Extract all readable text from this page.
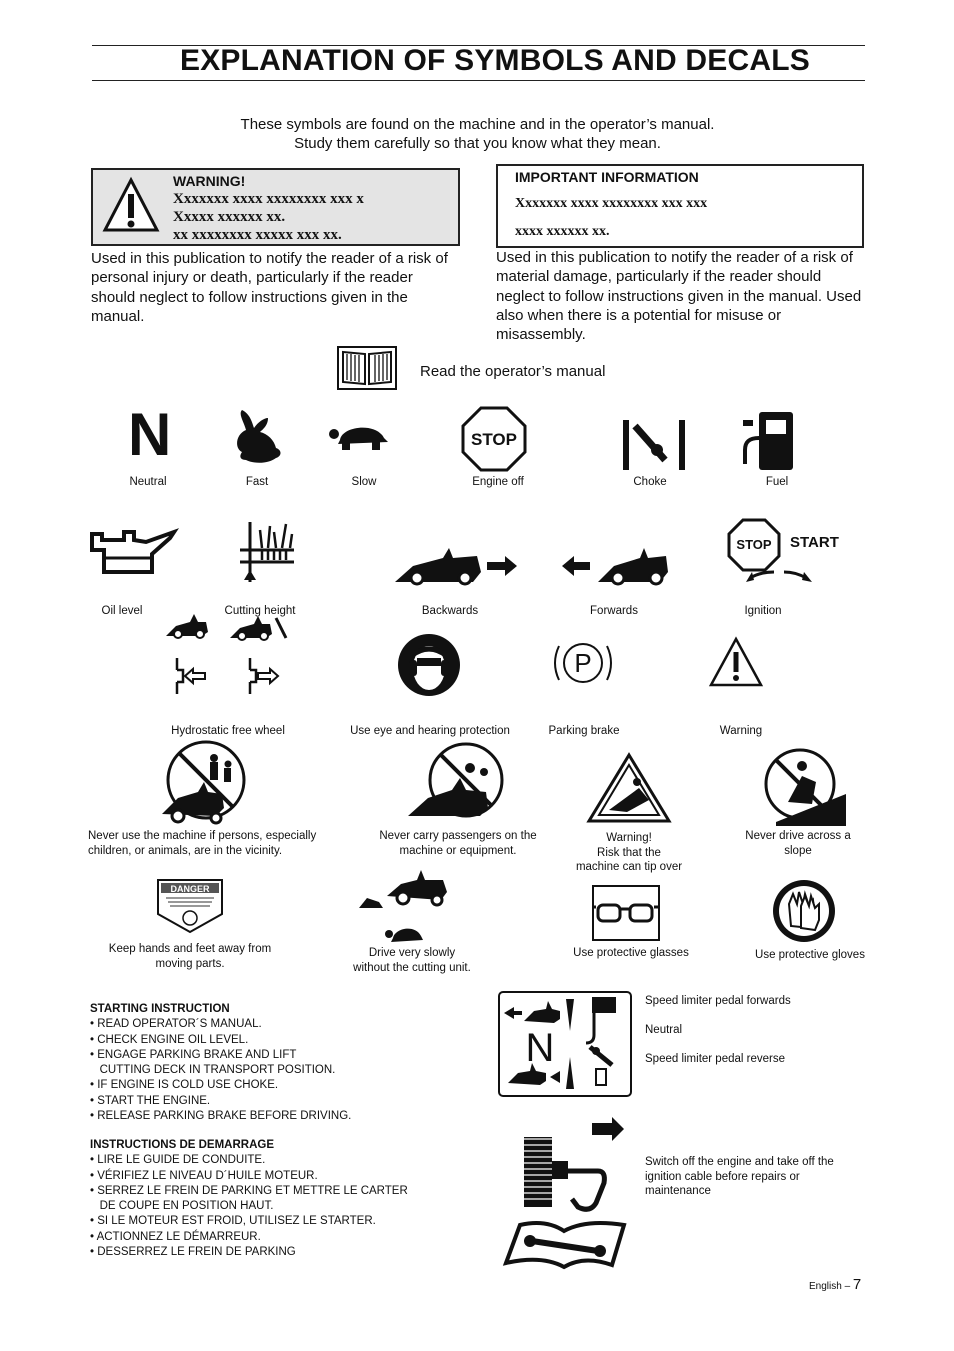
EXPLANATION OF SYMBOLS AND DECALS
These symbols are found on the machine and in the operator’s manual.
Study them carefully so that you know what they mean.
WARNING!
Xxxxxxx xxxx xxxxxxxx xxx x
Xxxxx xxxxxx xx.
xx xxxxxxxx xxxxx xxx xx.
Used in this publication to notify the reader of a risk of personal injury or death, particularly if the reader should neglect to follow instructions given in the manual.
IMPORTANT INFORMATION
Xxxxxxx xxxx xxxxxxxx xxx xxx
xxxx xxxxxx xx.
Used in this publication to notify the reader of a risk of material damage, particularly if the reader should neglect to follow instructions given in the manual. Used also when there is a potential for misuse or misassembly.
Read the operator’s manual
N	STOP
Neutral	Fast	Slow	Engine off	Choke	Fuel
STOP START
Oil level	Cutting height	Backwards	Forwards	Ignition
Hydrostatic free wheel	Use eye and hearing protection
P
Parking brake	Warning
Never use the machine if persons, especially children, or animals, are in the vicinity.
Never carry passengers on the machine or equipment.
Warning!
Risk that the
machine can tip over
Never drive across a slope
DANGER
Keep hands and feet away from moving parts.
Drive very slowly
without the cutting unit.
Use protective glasses	Use protective gloves
STARTING INSTRUCTION
• READ OPERATOR´S MANUAL.
• CHECK ENGINE OIL LEVEL.
• ENGAGE PARKING BRAKE AND LIFT
CUTTING DECK IN TRANSPORT POSITION.
• IF ENGINE IS COLD USE CHOKE.
• START THE ENGINE.
• RELEASE PARKING BRAKE BEFORE DRIVING.
INSTRUCTIONS DE DEMARRAGE
• LIRE LE GUIDE DE CONDUITE.
• VÉRIFIEZ LE NIVEAU D´HUILE MOTEUR.
• SERREZ LE FREIN DE PARKING ET METTRE LE CARTER
DE COUPE EN POSITION HAUT.
• SI LE MOTEUR EST FROID, UTILISEZ LE STARTER.
• ACTIONNEZ LE DÉMARREUR.
• DESSERREZ LE FREIN DE PARKING
N
Speed limiter pedal forwards
Neutral
Speed limiter pedal reverse
Switch off the engine and take off the ignition cable before repairs or maintenance
English – 7
